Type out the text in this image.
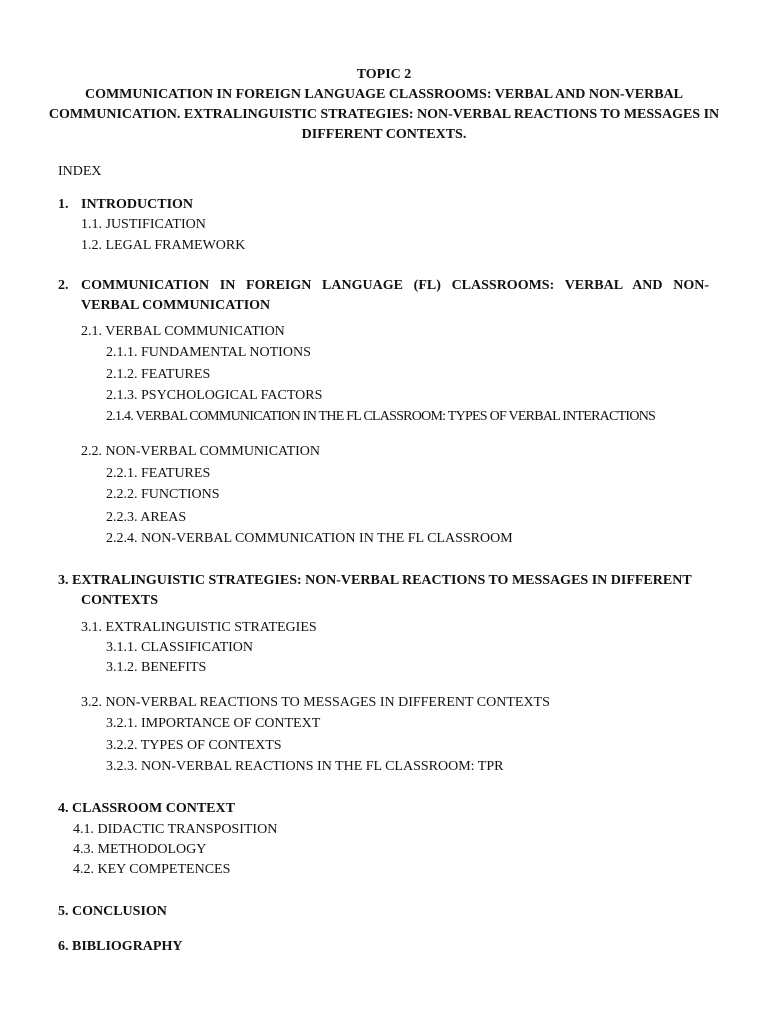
TOPIC 2
COMMUNICATION IN FOREIGN LANGUAGE CLASSROOMS: VERBAL AND NON-VERBAL
COMMUNICATION. EXTRALINGUISTIC STRATEGIES: NON-VERBAL REACTIONS TO MESSAGES IN
DIFFERENT CONTEXTS.
INDEX
1. INTRODUCTION
1.1. JUSTIFICATION
1.2. LEGAL FRAMEWORK
2. COMMUNICATION IN FOREIGN LANGUAGE (FL) CLASSROOMS: VERBAL AND NON-
VERBAL COMMUNICATION
2.1. VERBAL COMMUNICATION
2.1.1. FUNDAMENTAL NOTIONS
2.1.2. FEATURES
2.1.3. PSYCHOLOGICAL FACTORS
2.1.4. VERBAL COMMUNICATION IN THE FL CLASSROOM: TYPES OF VERBAL INTERACTIONS
2.2. NON-VERBAL COMMUNICATION
2.2.1. FEATURES
2.2.2. FUNCTIONS
2.2.3. AREAS
2.2.4. NON-VERBAL COMMUNICATION IN THE FL CLASSROOM
3. EXTRALINGUISTIC STRATEGIES: NON-VERBAL REACTIONS TO MESSAGES IN DIFFERENT
CONTEXTS
3.1. EXTRALINGUISTIC STRATEGIES
3.1.1. CLASSIFICATION
3.1.2. BENEFITS
3.2. NON-VERBAL REACTIONS TO MESSAGES IN DIFFERENT CONTEXTS
3.2.1. IMPORTANCE OF CONTEXT
3.2.2. TYPES OF CONTEXTS
3.2.3. NON-VERBAL REACTIONS IN THE FL CLASSROOM: TPR
4. CLASSROOM CONTEXT
4.1. DIDACTIC TRANSPOSITION
4.3. METHODOLOGY
4.2. KEY COMPETENCES
5. CONCLUSION
6. BIBLIOGRAPHY
